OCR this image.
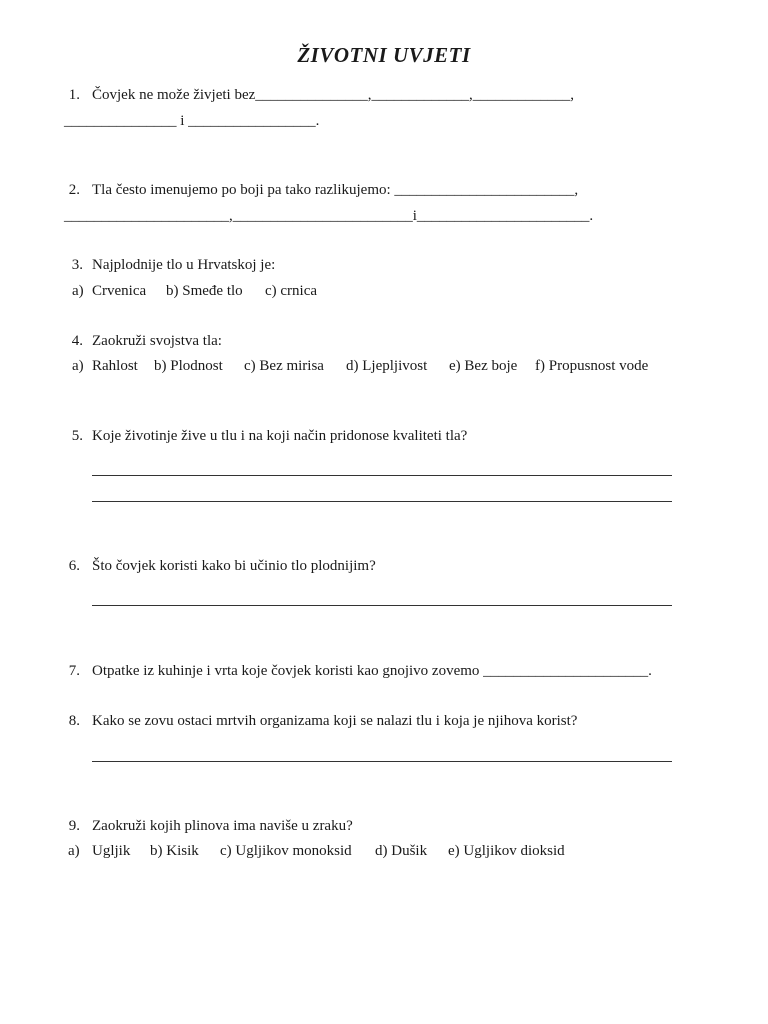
ŽIVOTNI UVJETI
1. Čovjek ne može živjeti bez_______________,_____________,_____________,
_______________ i _________________.
2. Tla često imenujemo po boji pa tako razlikujemo: ________________________,
______________________,________________________i_______________________.
3. Najplodnije tlo u Hrvatskoj je:
a) Crvenica b) Smeđe tlo c) crnica
4. Zaokruži svojstva tla:
a) Rahlost b) Plodnost c) Bez mirisa d) Ljepljivost e) Bez boje f) Propusnost vode
5. Koje životinje žive u tlu i na koji način pridonose kvaliteti tla?
6. Što čovjek koristi kako bi učinio tlo plodnijim?
7. Otpatke iz kuhinje i vrta koje čovjek koristi kao gnojivo zovemo ______________________.
8. Kako se zovu ostaci mrtvih organizama koji se nalazi tlu i koja je njihova korist?
9. Zaokruži kojih plinova ima naviše u zraku?
a) Ugljik b) Kisik c) Ugljikov monoksid d) Dušik e) Ugljikov dioksid
